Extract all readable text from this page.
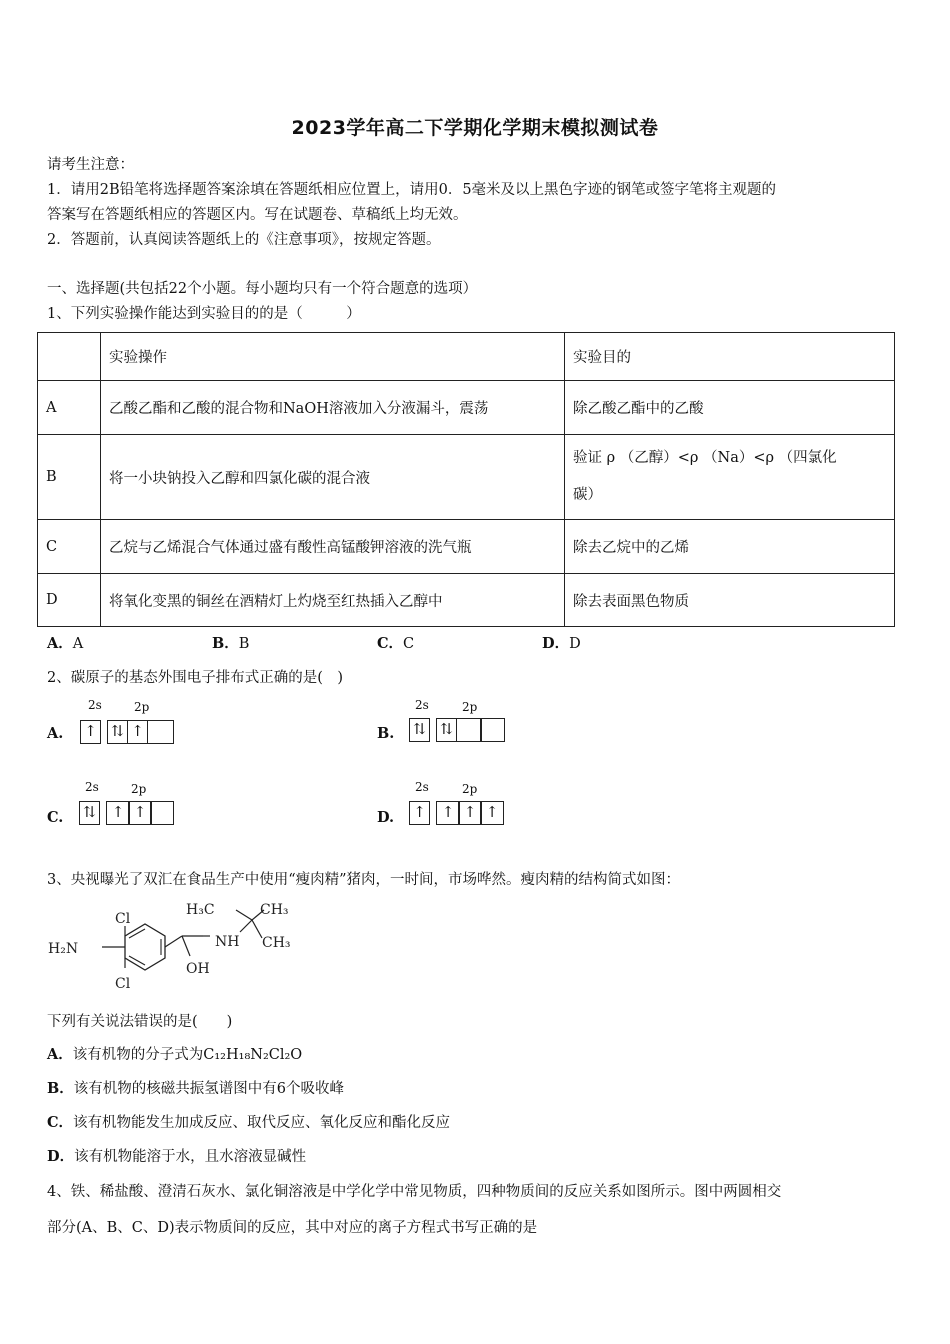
2023学年高二下学期化学期末模拟测试卷
请考生注意：
1．请用2B铅笔将选择题答案涂填在答题纸相应位置上，请用0．5毫米及以上黑色字迹的钢笔或签字笔将主观题的
答案写在答题纸相应的答题区内。写在试题卷、草稿纸上均无效。
2．答题前，认真阅读答题纸上的《注意事项》，按规定答题。
一、选择题(共包括22个小题。每小题均只有一个符合题意的选项）
1、下列实验操作能达到实验目的的是（　　　）
	实验操作	实验目的
A	乙酸乙酯和乙酸的混合物和NaOH溶液加入分液漏斗，震荡	除乙酸乙酯中的乙酸
B	将一小块钠投入乙醇和四氯化碳的混合液	验证 ρ （乙醇）<ρ （Na）<ρ （四氯化
碳）

C	乙烷与乙烯混合气体通过盛有酸性高锰酸钾溶液的洗气瓶	除去乙烷中的乙烯
D	将氧化变黑的铜丝在酒精灯上灼烧至红热插入乙醇中	除去表面黑色物质
A．A	B．B	C．C	D．D
2、碳原子的基态外围电子排布式正确的是(　)
A.
2s	2p
↑ ⇅ ↑	B.
2s	2p
⇅ ⇅
C.
2s	2p
⇅	↑ ↑	D.
2s	2p
↑	↑ ↑ ↑
3、央视曝光了双汇在食品生产中使用“瘦肉精”猪肉，一时间，市场哗然。瘦肉精的结构简式如图：
Cl
Cl
H₂N
OH
NH
H₃C	CH₃
CH₃
下列有关说法错误的是(　　)
A．该有机物的分子式为C₁₂H₁₈N₂Cl₂O
B．该有机物的核磁共振氢谱图中有6个吸收峰
C．该有机物能发生加成反应、取代反应、氧化反应和酯化反应
D．该有机物能溶于水，且水溶液显碱性
4、铁、稀盐酸、澄清石灰水、氯化铜溶液是中学化学中常见物质，四种物质间的反应关系如图所示。图中两圆相交
部分(A、B、C、D)表示物质间的反应，其中对应的离子方程式书写正确的是
